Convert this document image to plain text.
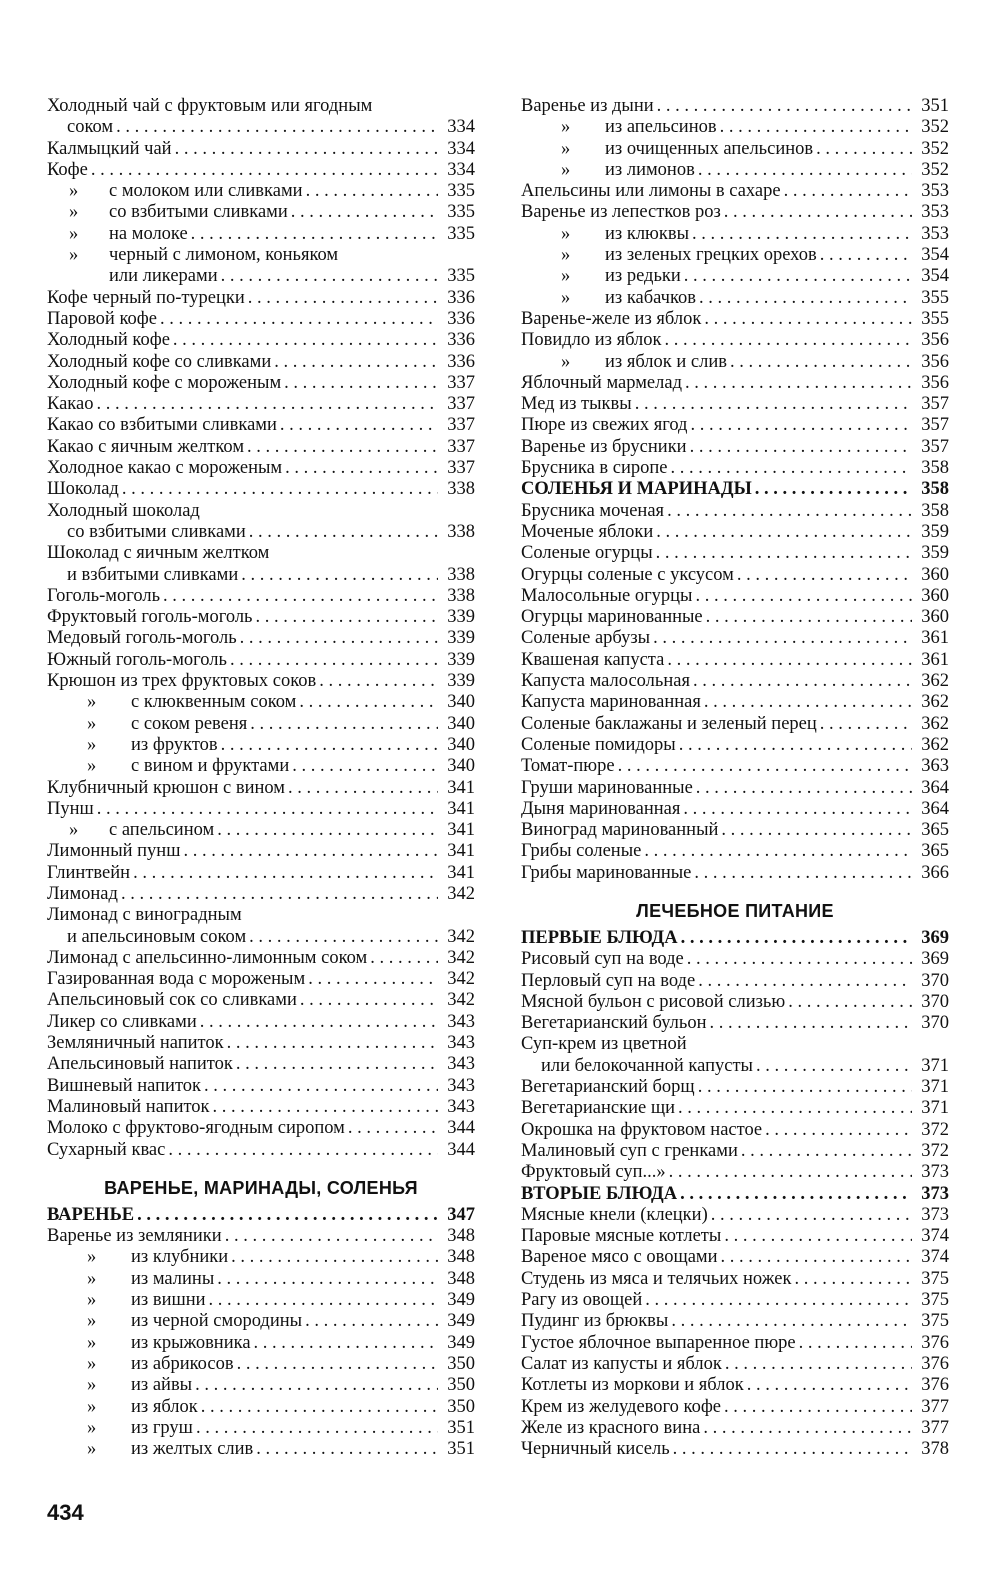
Холодный чай с фруктовым или ягодным
соком . . .	334
Калмыцкий чай . . .	334
Кофе . . .	334
» с молоком или сливками . . .	335
» со взбитыми сливками . . .	335
» на молоке . . .	335
» черный с лимоном, коньяком
или ликерами . . .	335
Кофе черный по-турецки . . .	336
Паровой кофе . . .	336
Холодный кофе . . .	336
Холодный кофе со сливками . . .	336
Холодный кофе с мороженым . . .	337
Какао . . .	337
Какао со взбитыми сливками . . .	337
Какао с яичным желтком . . .	337
Холодное какао с мороженым . . .	337
Шоколад . . .	338
Холодный шоколад
со взбитыми сливками . . .	338
Шоколад с яичным желтком
и взбитыми сливками . . .	338
Гоголь-моголь . . .	338
Фруктовый гоголь-моголь . . .	339
Медовый гоголь-моголь . . .	339
Южный гоголь-моголь . . .	339
Крюшон из трех фруктовых соков . . .	339
» с клюквенным соком . . .	340
» с соком ревеня . . .	340
» из фруктов . . .	340
» с вином и фруктами . . .	340
Клубничный крюшон с вином . . .	341
Пунш . . .	341
» с апельсином . . .	341
Лимонный пунш . . .	341
Глинтвейн . . .	341
Лимонад . . .	342
Лимонад с виноградным
и апельсиновым соком . . .	342
Лимонад с апельсинно-лимонным соком . . .	342
Газированная вода с мороженым . . .	342
Апельсиновый сок со сливками . . .	342
Ликер со сливками . . .	343
Земляничный напиток . . .	343
Апельсиновый напиток . . .	343
Вишневый напиток . . .	343
Малиновый напиток . . .	343
Молоко с фруктово-ягодным сиропом . . .	344
Сухарный квас . . .	344
ВАРЕНЬЕ, МАРИНАДЫ, СОЛЕНЬЯ
ВАРЕНЬЕ . . .	347
Варенье из земляники . . .	348
» из клубники . . .	348
» из малины . . .	348
» из вишни . . .	349
» из черной смородины . . .	349
» из крыжовника . . .	349
» из абрикосов . . .	350
» из айвы . . .	350
» из яблок . . .	350
» из груш . . .	351
» из желтых слив . . .	351
Варенье из дыни . . .	351
» из апельсинов . . .	352
» из очищенных апельсинов . . .	352
» из лимонов . . .	352
Апельсины или лимоны в сахаре . . .	353
Варенье из лепестков роз . . .	353
» из клюквы . . .	353
» из зеленых грецких орехов . . .	354
» из редьки . . .	354
» из кабачков . . .	355
Варенье-желе из яблок . . .	355
Повидло из яблок . . .	356
» из яблок и слив . . .	356
Яблочный мармелад . . .	356
Мед из тыквы . . .	357
Пюре из свежих ягод . . .	357
Варенье из брусники . . .	357
Брусника в сиропе . . .	358
СОЛЕНЬЯ И МАРИНАДЫ . . .	358
Брусника моченая . . .	358
Моченые яблоки . . .	359
Соленые огурцы . . .	359
Огурцы соленые с уксусом . . .	360
Малосольные огурцы . . .	360
Огурцы маринованные . . .	360
Соленые арбузы . . .	361
Квашеная капуста . . .	361
Капуста малосольная . . .	362
Капуста маринованная . . .	362
Соленые баклажаны и зеленый перец . . .	362
Соленые помидоры . . .	362
Томат-пюре . . .	363
Груши маринованные . . .	364
Дыня маринованная . . .	364
Виноград маринованный . . .	365
Грибы соленые . . .	365
Грибы маринованные . . .	366
ЛЕЧЕБНОЕ ПИТАНИЕ
ПЕРВЫЕ БЛЮДА . . .	369
Рисовый суп на воде . . .	369
Перловый суп на воде . . .	370
Мясной бульон с рисовой слизью . . .	370
Вегетарианский бульон . . .	370
Суп-крем из цветной
или белокочанной капусты . . .	371
Вегетарианский борщ . . .	371
Вегетарианские щи . . .	371
Окрошка на фруктовом настое . . .	372
Малиновый суп с гренками . . .	372
Фруктовый суп...» . . .	373
ВТОРЫЕ БЛЮДА . . .	373
Мясные кнели (клецки) . . .	373
Паровые мясные котлеты . . .	374
Вареное мясо с овощами . . .	374
Студень из мяса и телячьих ножек . . .	375
Рагу из овощей . . .	375
Пудинг из брюквы . . .	375
Густое яблочное выпаренное пюре . . .	376
Салат из капусты и яблок . . .	376
Котлеты из моркови и яблок . . .	376
Крем из желудевого кофе . . .	377
Желе из красного вина . . .	377
Черничный кисель . . .	378
434
